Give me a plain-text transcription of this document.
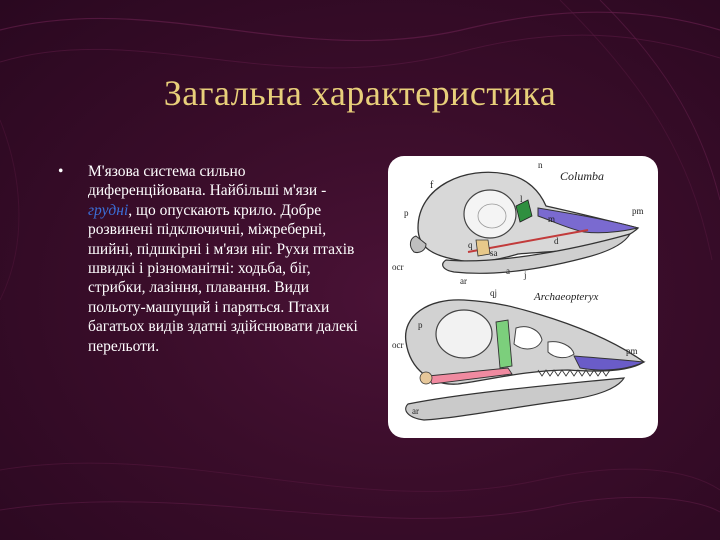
Загальна характеристика
• М'язова система сильно диференційована. Найбільші м'язи - грудні, що опускають крило. Добре розвинені підключичні, міжреберні, шийні, підшкірні і м'язи ніг. Рухи птахів швидкі і різноманітні: ходьба, біг, стрибки, лазіння, плавання. Види польоту-машущий і паряться. Птахи багатьох видів здатні здійснювати далекі перельоти.
Columba
n
f
p	pm
l
m
d
q
sa
a j
ocr
ar
qj	Archaeopteryx
p
ocr
pm
ar
